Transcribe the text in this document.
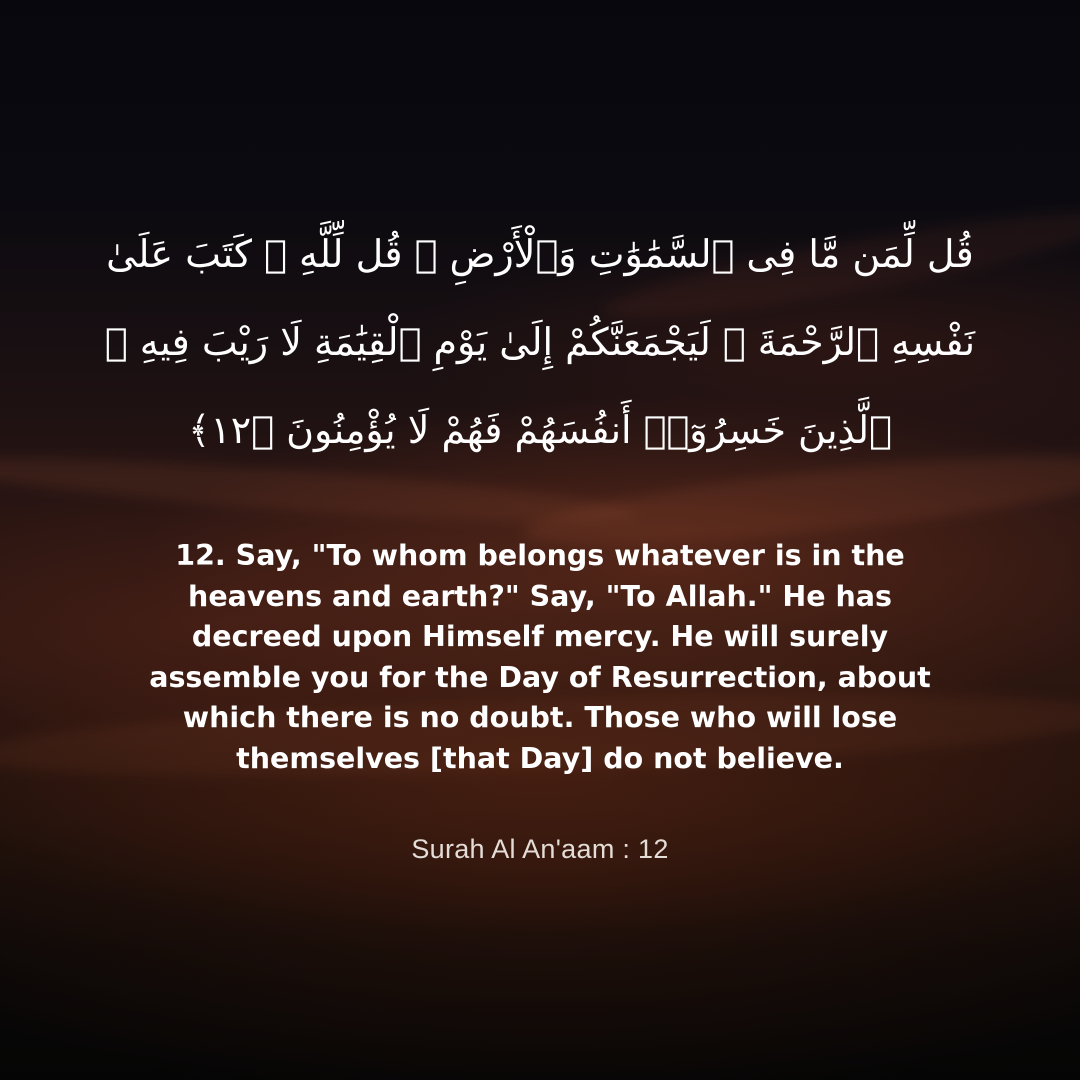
قُل لِّمَن مَّا فِى ٱلسَّمَٰوَٰتِ وَٱلْأَرْضِ ۖ قُل لِّلَّهِ ۚ كَتَبَ عَلَىٰ نَفْسِهِ ٱلرَّحْمَةَ ۚ لَيَجْمَعَنَّكُمْ إِلَىٰ يَوْمِ ٱلْقِيَٰمَةِ لَا رَيْبَ فِيهِ ۚ ٱلَّذِينَ خَسِرُوٓا۟ أَنفُسَهُمْ فَهُمْ لَا يُؤْمِنُونَ ﴿١٢﴾
12. Say, "To whom belongs whatever is in the heavens and earth?" Say, "To Allah." He has decreed upon Himself mercy. He will surely assemble you for the Day of Resurrection, about which there is no doubt. Those who will lose themselves [that Day] do not believe.
Surah Al An'aam : 12
